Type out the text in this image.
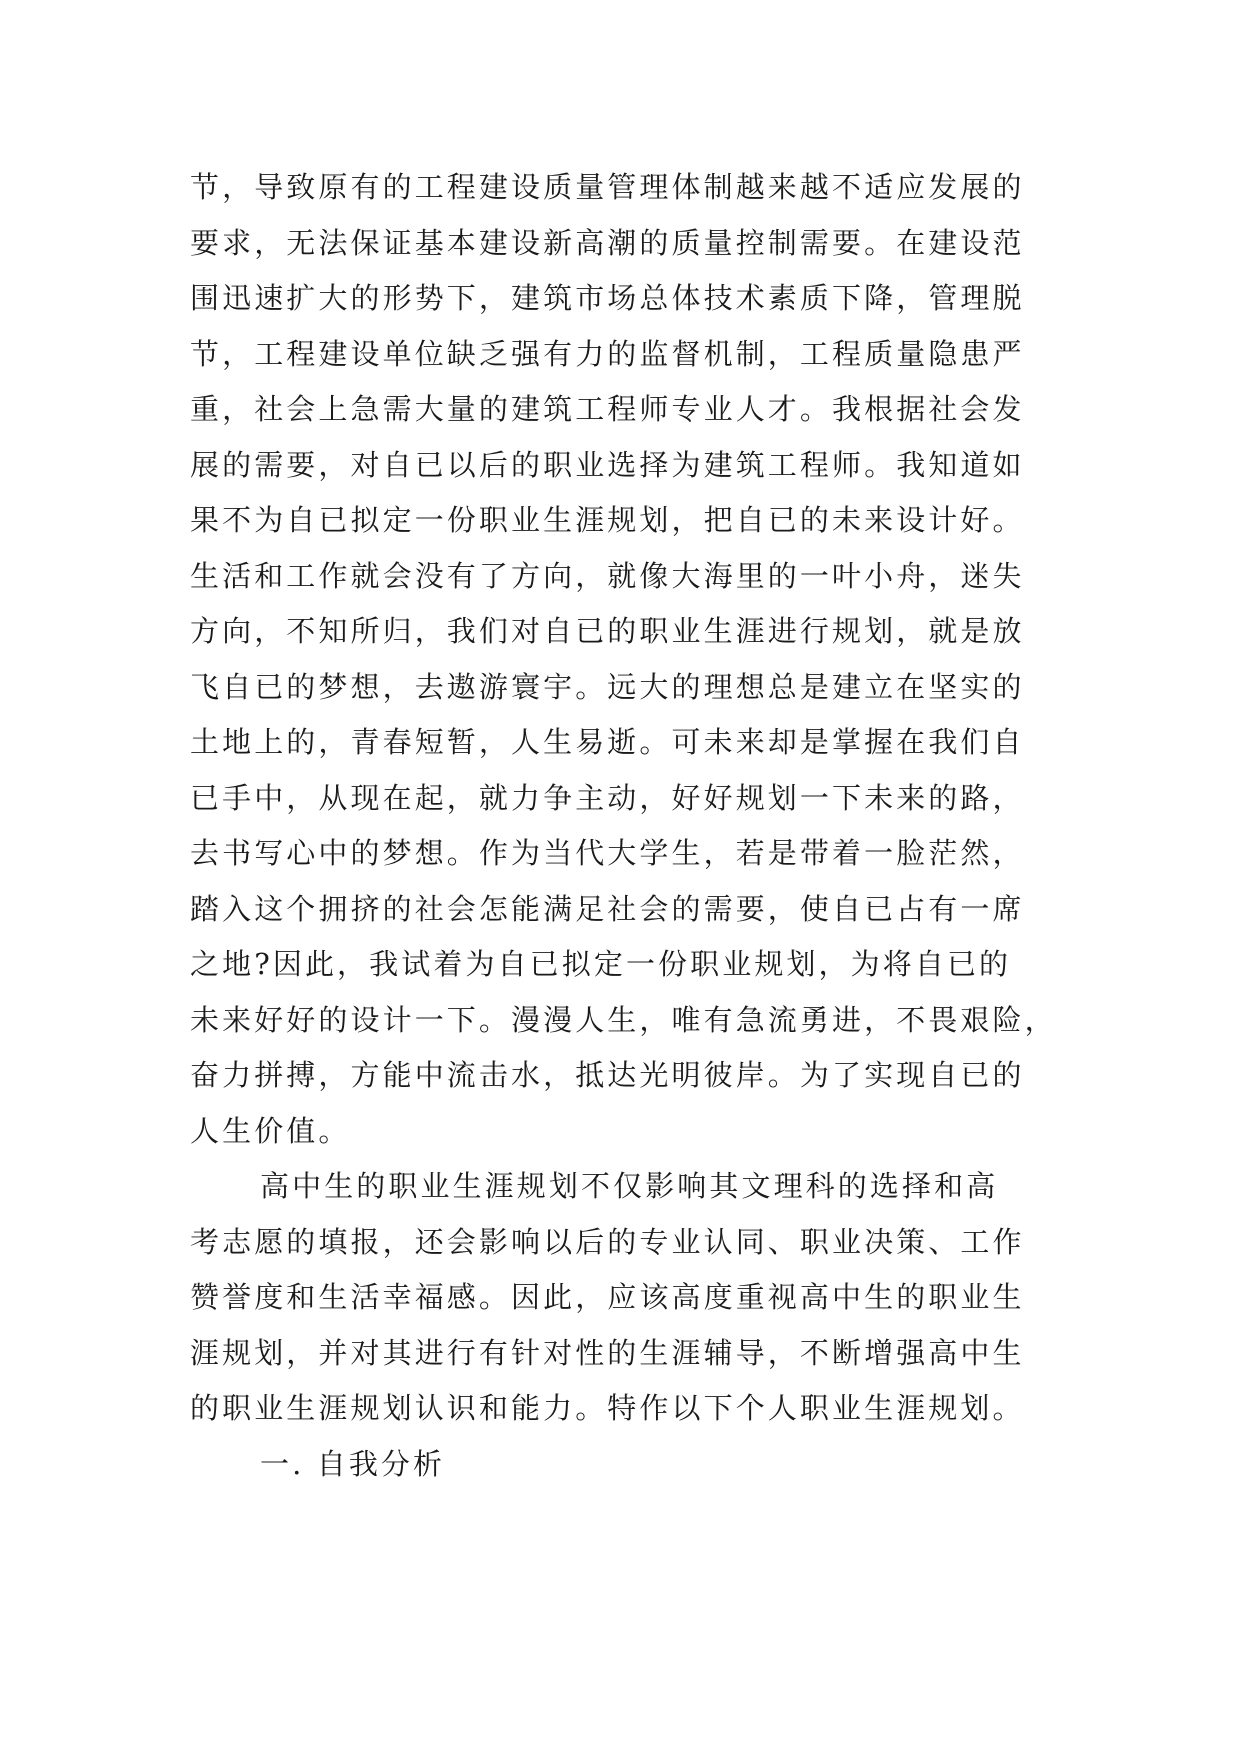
节，导致原有的工程建设质量管理体制越来越不适应发展的
要求，无法保证基本建设新高潮的质量控制需要。在建设范
围迅速扩大的形势下，建筑市场总体技术素质下降，管理脱
节，工程建设单位缺乏强有力的监督机制，工程质量隐患严
重，社会上急需大量的建筑工程师专业人才。我根据社会发
展的需要，对自已以后的职业选择为建筑工程师。我知道如
果不为自已拟定一份职业生涯规划，把自已的未来设计好。
生活和工作就会没有了方向，就像大海里的一叶小舟，迷失
方向，不知所归，我们对自已的职业生涯进行规划，就是放
飞自已的梦想，去遨游寰宇。远大的理想总是建立在坚实的
土地上的，青春短暂，人生易逝。可未来却是掌握在我们自
已手中，从现在起，就力争主动，好好规划一下未来的路，
去书写心中的梦想。作为当代大学生，若是带着一脸茫然，
踏入这个拥挤的社会怎能满足社会的需要，使自已占有一席
之地?因此，我试着为自已拟定一份职业规划，为将自已的
未来好好的设计一下。漫漫人生，唯有急流勇进，不畏艰险，
奋力拼搏，方能中流击水，抵达光明彼岸。为了实现自已的
人生价值。
高中生的职业生涯规划不仅影响其文理科的选择和高
考志愿的填报，还会影响以后的专业认同、职业决策、工作
赞誉度和生活幸福感。因此，应该高度重视高中生的职业生
涯规划，并对其进行有针对性的生涯辅导，不断增强高中生
的职业生涯规划认识和能力。特作以下个人职业生涯规划。
一. 自我分析
